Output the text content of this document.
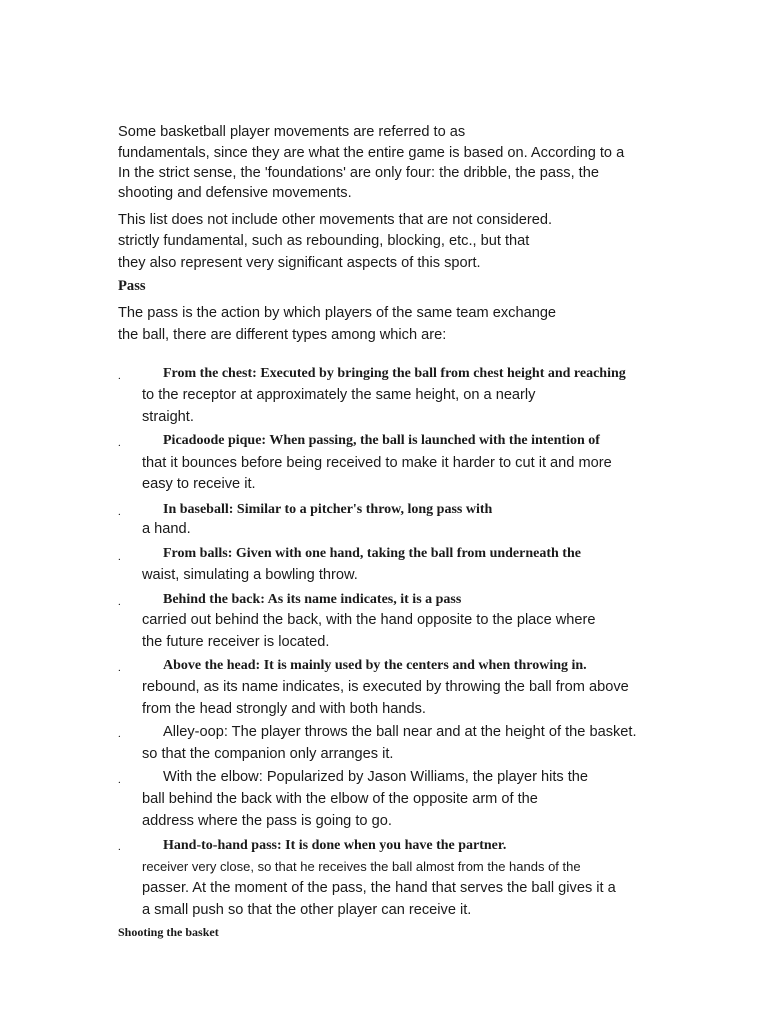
Some basketball player movements are referred to as
fundamentals, since they are what the entire game is based on. According to a
In the strict sense, the 'foundations' are only four: the dribble, the pass, the
shooting and defensive movements.
This list does not include other movements that are not considered.
strictly fundamental, such as rebounding, blocking, etc., but that
they also represent very significant aspects of this sport.
Pass
The pass is the action by which players of the same team exchange
the ball, there are different types among which are:
.	From the chest: Executed by bringing the ball from chest height and reaching
to the receptor at approximately the same height, on a nearly
straight.
.	Picadoode pique: When passing, the ball is launched with the intention of
that it bounces before being received to make it harder to cut it and more
easy to receive it.
.	In baseball: Similar to a pitcher's throw, long pass with
a hand.
.	From balls: Given with one hand, taking the ball from underneath the
waist, simulating a bowling throw.
.	Behind the back: As its name indicates, it is a pass
carried out behind the back, with the hand opposite to the place where
the future receiver is located.
.	Above the head: It is mainly used by the centers and when throwing in.
rebound, as its name indicates, is executed by throwing the ball from above
from the head strongly and with both hands.
.	Alley-oop: The player throws the ball near and at the height of the basket.
so that the companion only arranges it.
.	With the elbow: Popularized by Jason Williams, the player hits the
ball behind the back with the elbow of the opposite arm of the
address where the pass is going to go.
.	Hand-to-hand pass: It is done when you have the partner.
receiver very close, so that he receives the ball almost from the hands of the
passer. At the moment of the pass, the hand that serves the ball gives it a
a small push so that the other player can receive it.
Shooting the basket
